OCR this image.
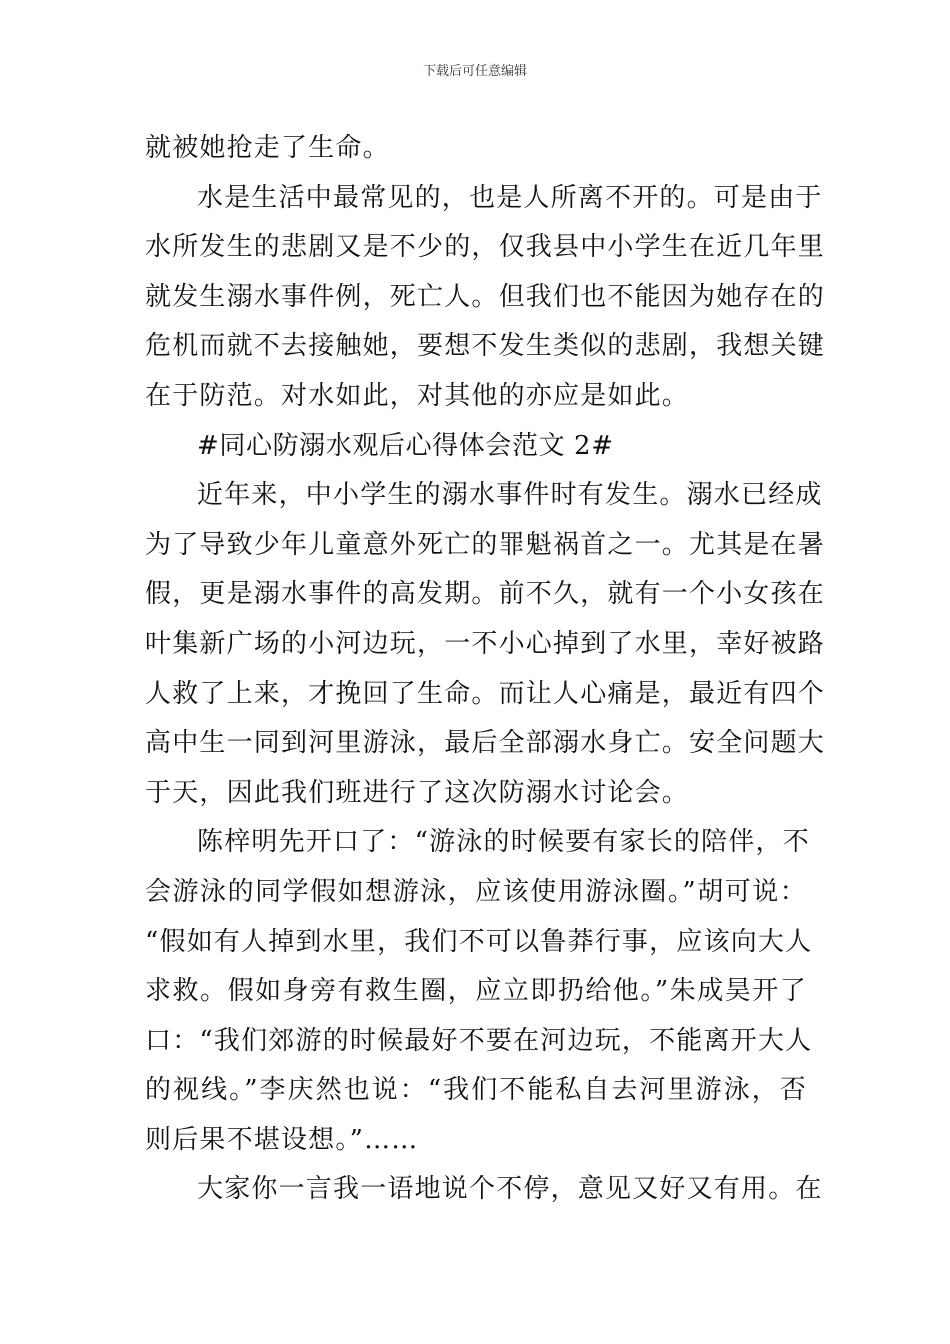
下载后可任意编辑
就被她抢走了生命。
水是生活中最常见的，也是人所离不开的。可是由于
水所发生的悲剧又是不少的，仅我县中小学生在近几年里
就发生溺水事件例，死亡人。但我们也不能因为她存在的
危机而就不去接触她，要想不发生类似的悲剧，我想关键
在于防范。对水如此，对其他的亦应是如此。
#同心防溺水观后心得体会范文 2#
近年来，中小学生的溺水事件时有发生。溺水已经成
为了导致少年儿童意外死亡的罪魁祸首之一。尤其是在暑
假，更是溺水事件的高发期。前不久，就有一个小女孩在
叶集新广场的小河边玩，一不小心掉到了水里，幸好被路
人救了上来，才挽回了生命。而让人心痛是，最近有四个
高中生一同到河里游泳，最后全部溺水身亡。安全问题大
于天，因此我们班进行了这次防溺水讨论会。
陈梓明先开口了：“游泳的时候要有家长的陪伴，不
会游泳的同学假如想游泳，应该使用游泳圈。”胡可说：
“假如有人掉到水里，我们不可以鲁莽行事，应该向大人
求救。假如身旁有救生圈，应立即扔给他。”朱成昊开了
口：“我们郊游的时候最好不要在河边玩，不能离开大人
的视线。”李庆然也说：“我们不能私自去河里游泳，否
则后果不堪设想。”……
大家你一言我一语地说个不停，意见又好又有用。在
